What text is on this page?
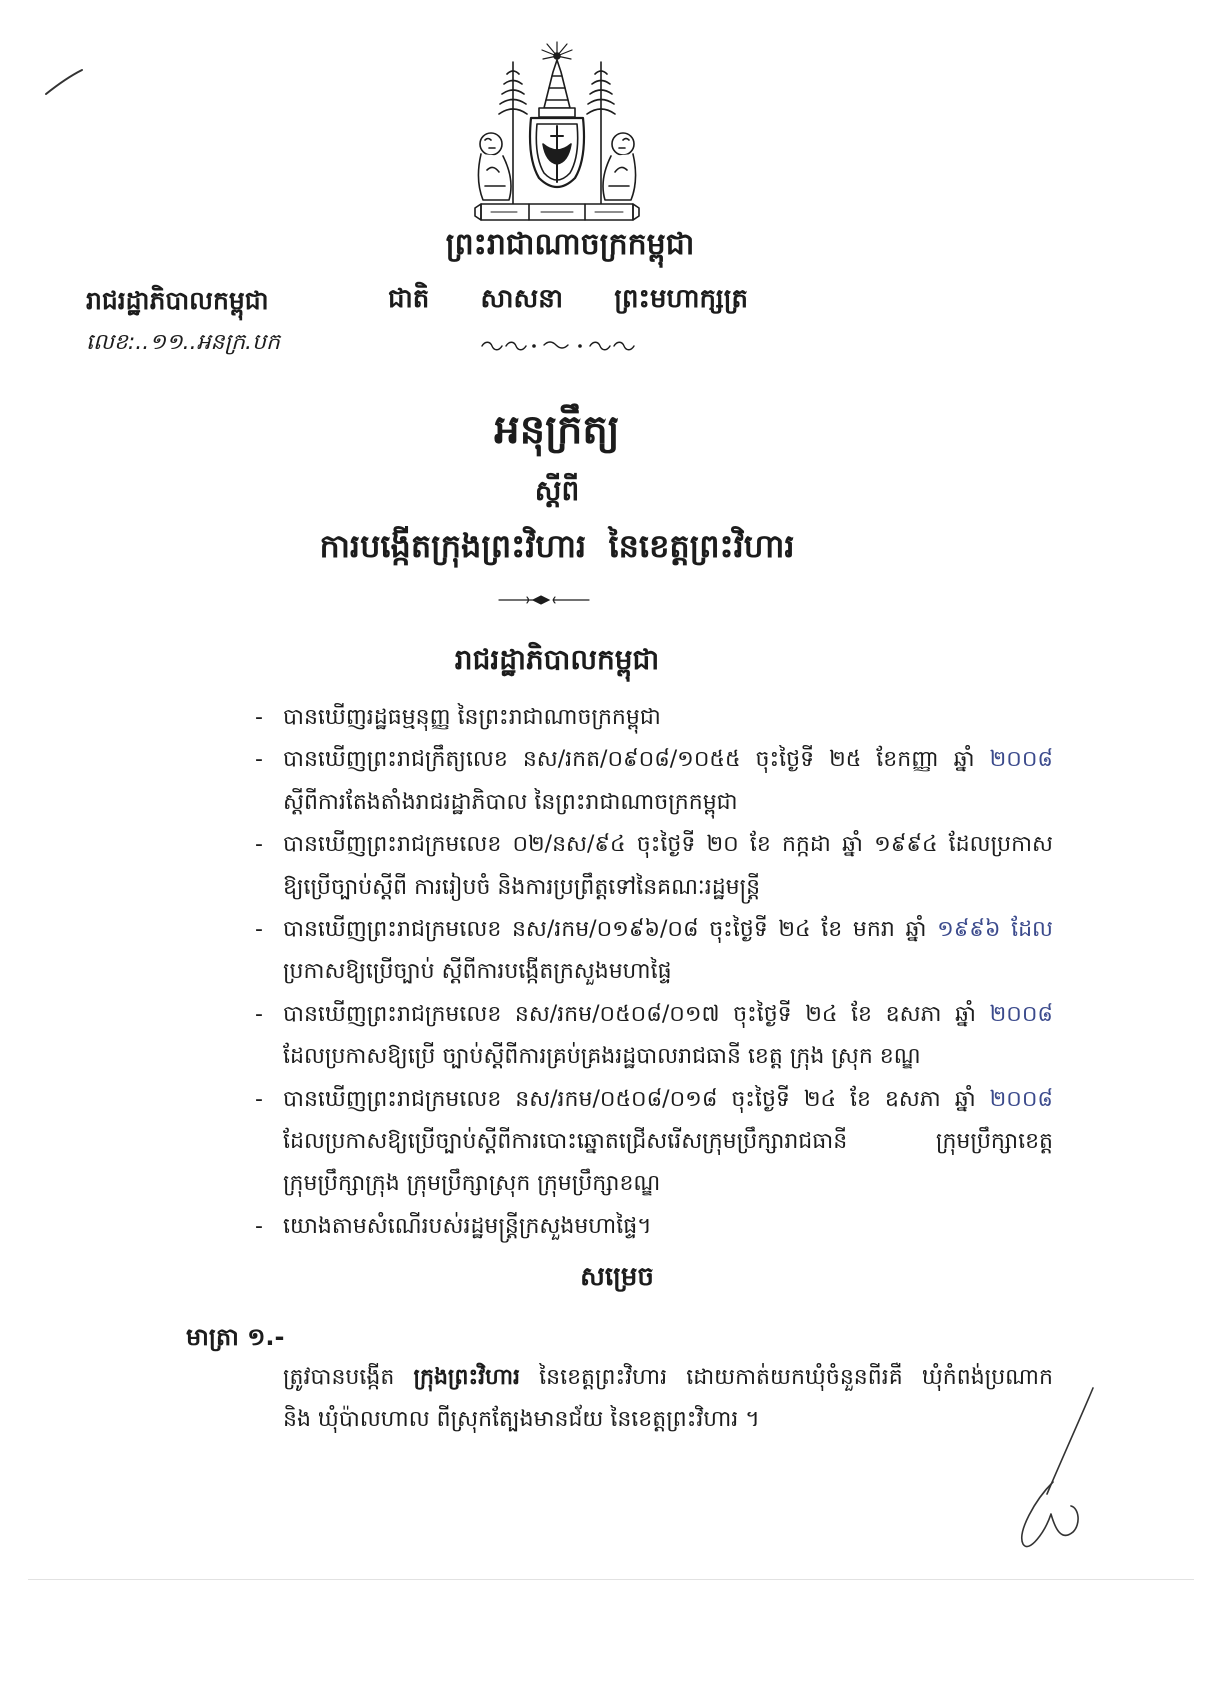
ព្រះរាជាណាចក្រកម្ពុជា
ជាតិ សាសនា ព្រះមហាក្សត្រ
រាជរដ្ឋាភិបាលកម្ពុជា
លេខ:..១១..អនក្រ.បក
អនុក្រឹត្យ
ស្តីពី
ការបង្កើតក្រុងព្រះវិហារ  នៃខេត្តព្រះវិហារ
រាជរដ្ឋាភិបាលកម្ពុជា
- បានឃើញរដ្ឋធម្មនុញ្ញ នៃព្រះរាជាណាចក្រកម្ពុជា
- បានឃើញព្រះរាជក្រឹត្យលេខ នស/រកត/០៩០៨/១០៥៥ ចុះថ្ងៃទី ២៥ ខែកញ្ញា ឆ្នាំ ២០០៨
ស្តីពីការតែងតាំងរាជរដ្ឋាភិបាល នៃព្រះរាជាណាចក្រកម្ពុជា
- បានឃើញព្រះរាជក្រមលេខ ០២/នស/៩៤ ចុះថ្ងៃទី ២០ ខែ កក្កដា ឆ្នាំ ១៩៩៤ ដែលប្រកាស
ឱ្យប្រើច្បាប់ស្តីពី ការរៀបចំ និងការប្រព្រឹត្តទៅនៃគណៈរដ្ឋមន្ត្រី
- បានឃើញព្រះរាជក្រមលេខ នស/រកម/០១៩៦/០៨ ចុះថ្ងៃទី ២៤ ខែ មករា ឆ្នាំ ១៩៩៦ ដែល
ប្រកាសឱ្យប្រើច្បាប់ ស្តីពីការបង្កើតក្រសួងមហាផ្ទៃ
- បានឃើញព្រះរាជក្រមលេខ នស/រកម/០៥០៨/០១៧ ចុះថ្ងៃទី ២៤ ខែ ឧសភា ឆ្នាំ ២០០៨
ដែលប្រកាសឱ្យប្រើ ច្បាប់ស្តីពីការគ្រប់គ្រងរដ្ឋបាលរាជធានី ខេត្ត ក្រុង ស្រុក ខណ្ឌ
- បានឃើញព្រះរាជក្រមលេខ នស/រកម/០៥០៨/០១៨ ចុះថ្ងៃទី ២៤ ខែ ឧសភា ឆ្នាំ ២០០៨
ដែលប្រកាសឱ្យប្រើច្បាប់ស្តីពីការបោះឆ្នោតជ្រើសរើសក្រុមប្រឹក្សារាជធានី ក្រុមប្រឹក្សាខេត្ត
ក្រុមប្រឹក្សាក្រុង ក្រុមប្រឹក្សាស្រុក ក្រុមប្រឹក្សាខណ្ឌ
- យោងតាមសំណើរបស់រដ្ឋមន្ត្រីក្រសួងមហាផ្ទៃ។
សម្រេច
មាត្រា ១.-
ត្រូវបានបង្កើត ក្រុងព្រះវិហារ នៃខេត្តព្រះវិហារ ដោយកាត់យកឃុំចំនួនពីរគឺ ឃុំកំពង់ប្រណាក
និង ឃុំប៉ាលហាល ពីស្រុកត្បែងមានជ័យ នៃខេត្តព្រះវិហារ ។
